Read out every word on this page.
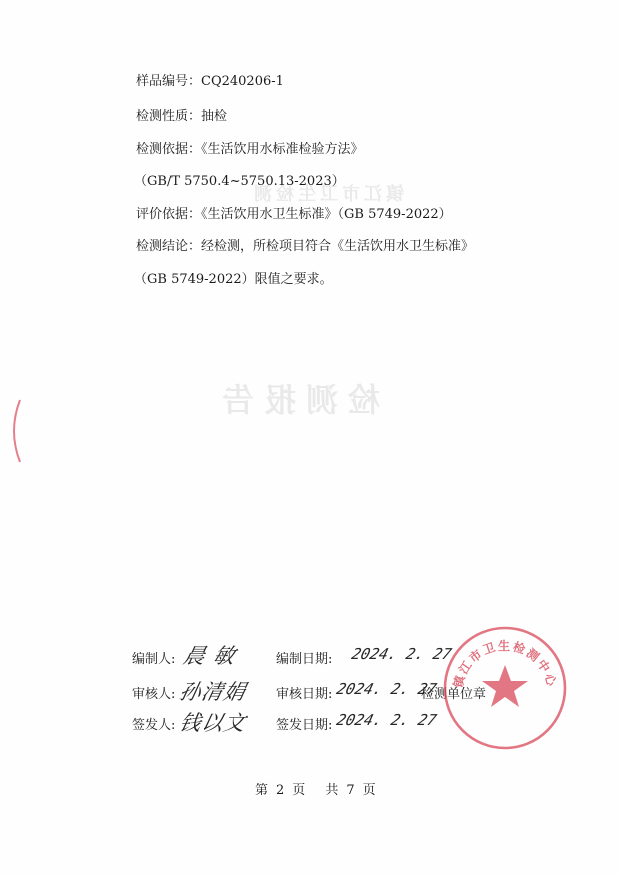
检测报告
镇江市卫生检测
样品编号：CQ240206-1
检测性质：抽检
检测依据：《生活饮用水标准检验方法》
（GB/T 5750.4~5750.13-2023）
评价依据：《生活饮用水卫生标准》（GB 5749-2022）
检测结论：经检测，所检项目符合《生活饮用水卫生标准》
（GB 5749-2022）限值之要求。
编制人: 晨 敏	编制日期: 2024. 2. 27
审核人: 孙清娟 审核日期: 2024. 2. 27
检测单位章
签发人: 钱以文 签发日期: 2024. 2. 27
镇江市卫生检测中心
第 2 页 共 7 页
